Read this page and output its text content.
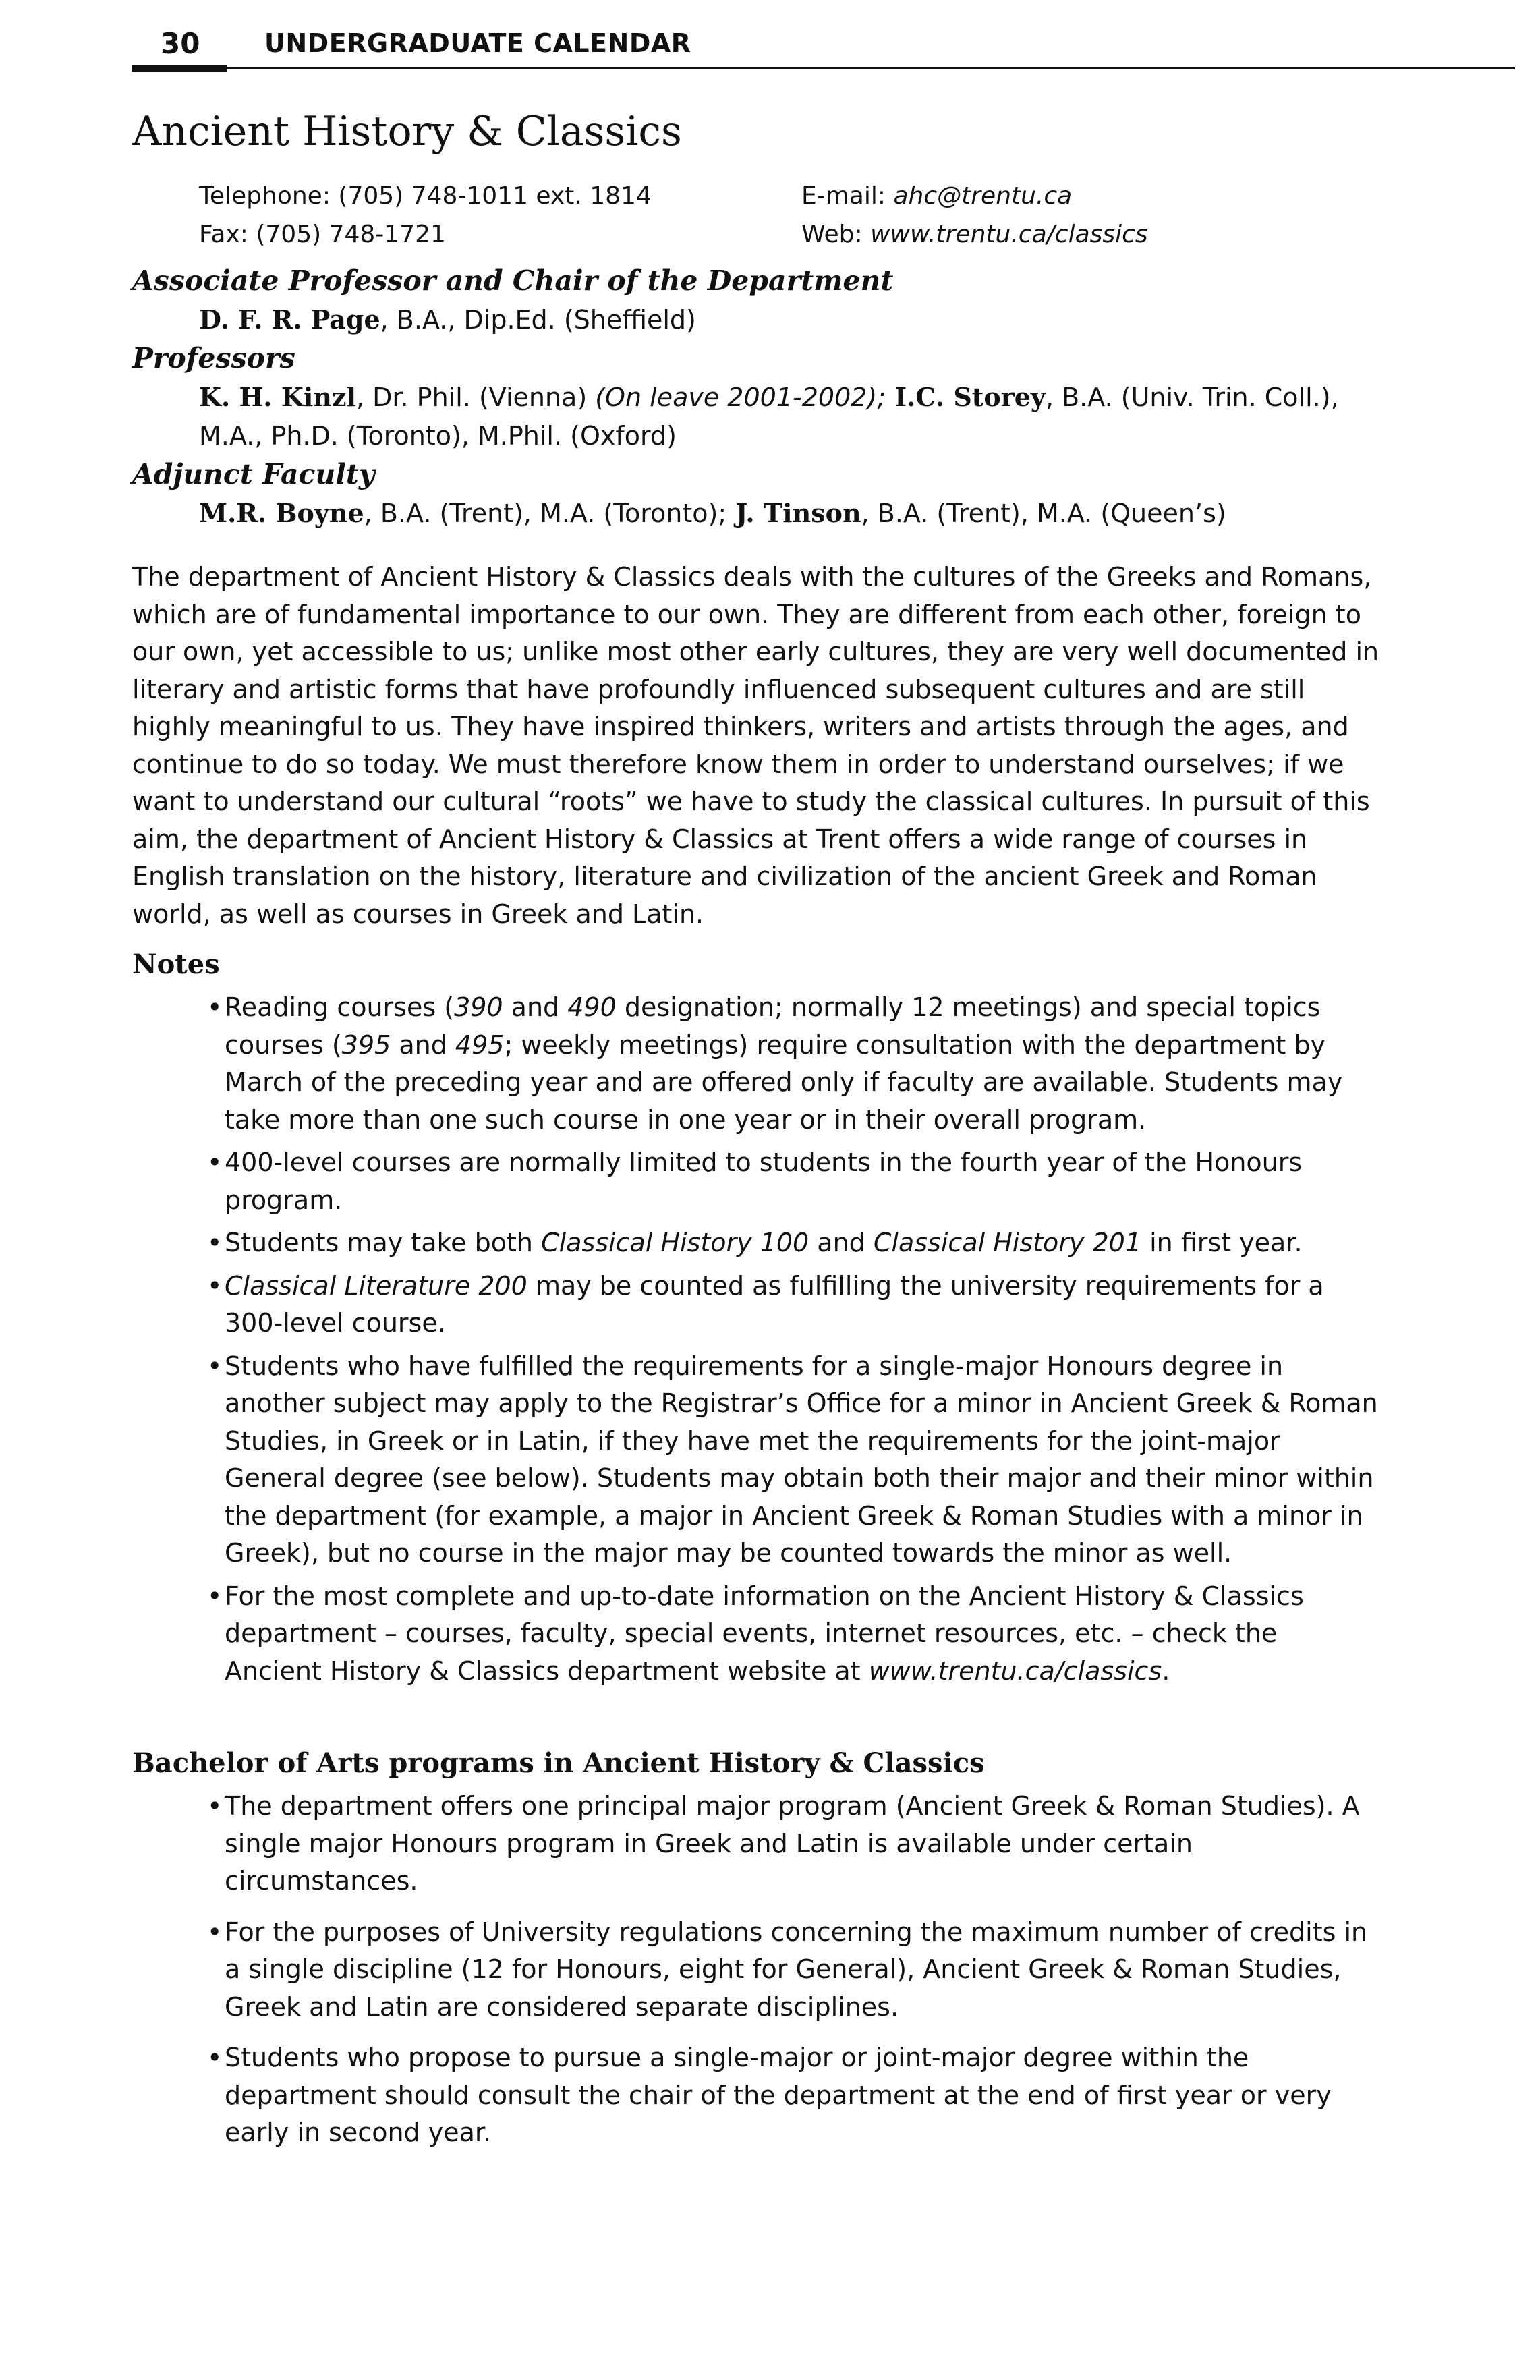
30	UNDERGRADUATE CALENDAR
Ancient History & Classics
Telephone: (705) 748-1011 ext. 1814
Fax: (705) 748-1721
E-mail: ahc@trentu.ca
Web: www.trentu.ca/classics
Associate Professor and Chair of the Department
D. F. R. Page, B.A., Dip.Ed. (Sheffield)
Professors
K. H. Kinzl, Dr. Phil. (Vienna) (On leave 2001-2002); I.C. Storey, B.A. (Univ. Trin. Coll.), M.A., Ph.D. (Toronto), M.Phil. (Oxford)
Adjunct Faculty
M.R. Boyne, B.A. (Trent), M.A. (Toronto); J. Tinson, B.A. (Trent), M.A. (Queen’s)

The department of Ancient History & Classics deals with the cultures of the Greeks and Romans, which are of fundamental importance to our own. They are different from each other, foreign to our own, yet accessible to us; unlike most other early cultures, they are very well documented in literary and artistic forms that have profoundly influenced subsequent cultures and are still highly meaningful to us. They have inspired thinkers, writers and artists through the ages, and continue to do so today. We must therefore know them in order to understand ourselves; if we want to understand our cultural “roots” we have to study the classical cultures. In pursuit of this aim, the department of Ancient History & Classics at Trent offers a wide range of courses in English translation on the history, literature and civilization of the ancient Greek and Roman world, as well as courses in Greek and Latin.

Notes
• Reading courses (390 and 490 designation; normally 12 meetings) and special topics courses (395 and 495; weekly meetings) require consultation with the department by March of the preceding year and are offered only if faculty are available. Students may take more than one such course in one year or in their overall program.
• 400-level courses are normally limited to students in the fourth year of the Honours program.
• Students may take both Classical History 100 and Classical History 201 in first year.
• Classical Literature 200 may be counted as fulfilling the university requirements for a 300-level course.
• Students who have fulfilled the requirements for a single-major Honours degree in another subject may apply to the Registrar’s Office for a minor in Ancient Greek & Roman Studies, in Greek or in Latin, if they have met the requirements for the joint-major General degree (see below). Students may obtain both their major and their minor within the department (for example, a major in Ancient Greek & Roman Studies with a minor in Greek), but no course in the major may be counted towards the minor as well.
• For the most complete and up-to-date information on the Ancient History & Classics department – courses, faculty, special events, internet resources, etc. – check the Ancient History & Classics department website at www.trentu.ca/classics.
Bachelor of Arts programs in Ancient History & Classics
• The department offers one principal major program (Ancient Greek & Roman Studies). A single major Honours program in Greek and Latin is available under certain circumstances.
• For the purposes of University regulations concerning the maximum number of credits in a single discipline (12 for Honours, eight for General), Ancient Greek & Roman Studies, Greek and Latin are considered separate disciplines.
• Students who propose to pursue a single-major or joint-major degree within the department should consult the chair of the department at the end of first year or very early in second year.
